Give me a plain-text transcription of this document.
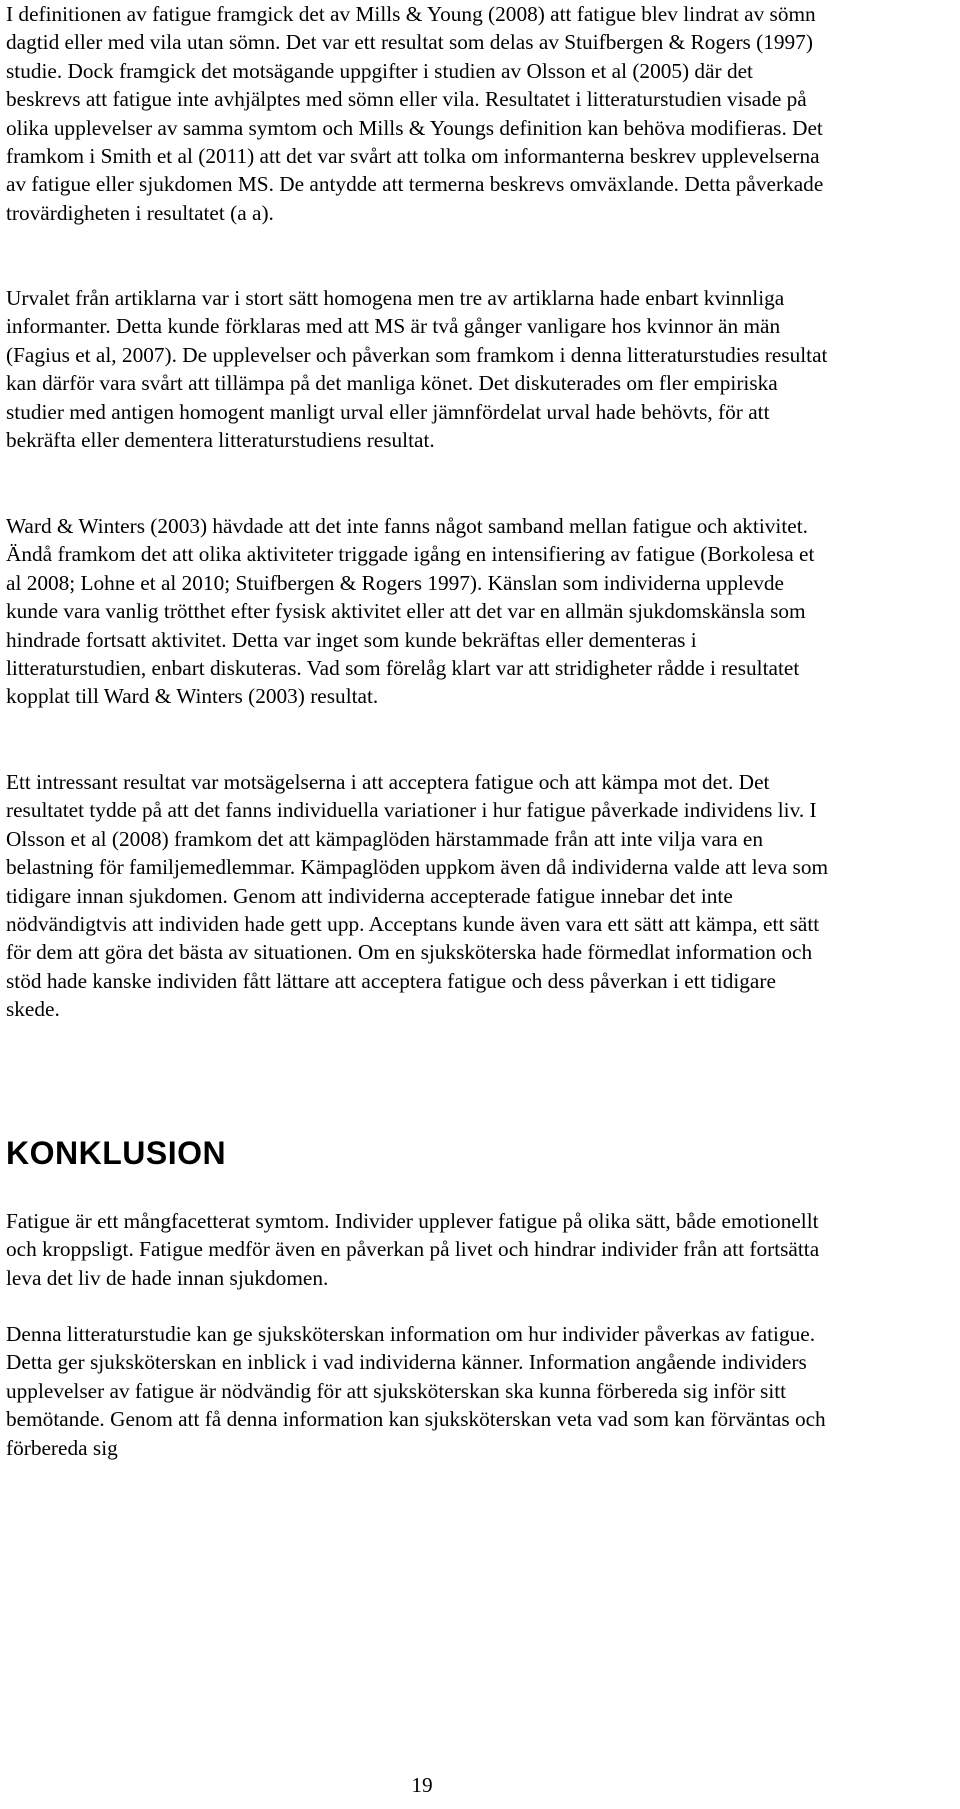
I definitionen av fatigue framgick det av Mills & Young (2008) att fatigue blev lindrat av sömn dagtid eller med vila utan sömn. Det var ett resultat som delas av Stuifbergen & Rogers (1997) studie. Dock framgick det motsägande uppgifter i studien av Olsson et al (2005) där det beskrevs att fatigue inte avhjälptes med sömn eller vila. Resultatet i litteraturstudien visade på olika upplevelser av samma symtom och Mills & Youngs definition kan behöva modifieras. Det framkom i Smith et al (2011) att det var svårt att tolka om informanterna beskrev upplevelserna av fatigue eller sjukdomen MS. De antydde att termerna beskrevs omväxlande. Detta påverkade trovärdigheten i resultatet (a a).

Urvalet från artiklarna var i stort sätt homogena men tre av artiklarna hade enbart kvinnliga informanter. Detta kunde förklaras med att MS är två gånger vanligare hos kvinnor än män (Fagius et al, 2007). De upplevelser och påverkan som framkom i denna litteraturstudies resultat kan därför vara svårt att tillämpa på det manliga könet. Det diskuterades om fler empiriska studier med antigen homogent manligt urval eller jämnfördelat urval hade behövts, för att bekräfta eller dementera litteraturstudiens resultat.

Ward & Winters (2003) hävdade att det inte fanns något samband mellan fatigue och aktivitet. Ändå framkom det att olika aktiviteter triggade igång en intensifiering av fatigue (Borkolesa et al 2008; Lohne et al 2010; Stuifbergen & Rogers 1997). Känslan som individerna upplevde kunde vara vanlig trötthet efter fysisk aktivitet eller att det var en allmän sjukdomskänsla som hindrade fortsatt aktivitet. Detta var inget som kunde bekräftas eller dementeras i litteraturstudien, enbart diskuteras. Vad som förelåg klart var att stridigheter rådde i resultatet kopplat till Ward & Winters (2003) resultat.

Ett intressant resultat var motsägelserna i att acceptera fatigue och att kämpa mot det. Det resultatet tydde på att det fanns individuella variationer i hur fatigue påverkade individens liv. I Olsson et al (2008) framkom det att kämpaglöden härstammade från att inte vilja vara en belastning för familjemedlemmar. Kämpaglöden uppkom även då individerna valde att leva som tidigare innan sjukdomen. Genom att individerna accepterade fatigue innebar det inte nödvändigtvis att individen hade gett upp. Acceptans kunde även vara ett sätt att kämpa, ett sätt för dem att göra det bästa av situationen. Om en sjuksköterska hade förmedlat information och stöd hade kanske individen fått lättare att acceptera fatigue och dess påverkan i ett tidigare skede.

KONKLUSION

Fatigue är ett mångfacetterat symtom. Individer upplever fatigue på olika sätt, både emotionellt och kroppsligt. Fatigue medför även en påverkan på livet och hindrar individer från att fortsätta leva det liv de hade innan sjukdomen.

Denna litteraturstudie kan ge sjuksköterskan information om hur individer påverkas av fatigue. Detta ger sjuksköterskan en inblick i vad individerna känner. Information angående individers upplevelser av fatigue är nödvändig för att sjuksköterskan ska kunna förbereda sig inför sitt bemötande. Genom att få denna information kan sjuksköterskan veta vad som kan förväntas och förbereda sig

19
